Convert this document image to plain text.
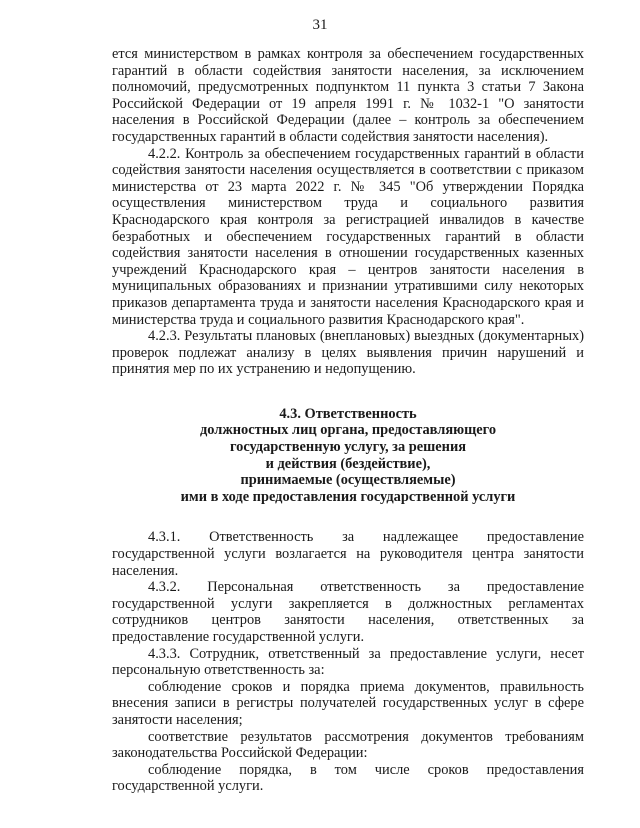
31

ется министерством в рамках контроля за обеспечением государственных гарантий в области содействия занятости населения, за исключением полномочий, предусмотренных подпунктом 11 пункта 3 статьи 7 Закона Российской Федерации от 19 апреля 1991 г. № 1032-1 "О занятости населения в Российской Федерации (далее – контроль за обеспечением государственных гарантий в области содействия занятости населения).

4.2.2. Контроль за обеспечением государственных гарантий в области содействия занятости населения осуществляется в соответствии с приказом министерства от 23 марта 2022 г. № 345 "Об утверждении Порядка осуществления министерством труда и социального развития Краснодарского края контроля за регистрацией инвалидов в качестве безработных и обеспечением государственных гарантий в области содействия занятости населения в отношении государственных казенных учреждений Краснодарского края – центров занятости населения в муниципальных образованиях и признании утратившими силу некоторых приказов департамента труда и занятости населения Краснодарского края и министерства труда и социального развития Краснодарского края".

4.2.3. Результаты плановых (внеплановых) выездных (документарных) проверок подлежат анализу в целях выявления причин нарушений и принятия мер по их устранению и недопущению.

4.3. Ответственность
должностных лиц органа, предоставляющего
государственную услугу, за решения
и действия (бездействие),
принимаемые (осуществляемые)
ими в ходе предоставления государственной услуги

4.3.1. Ответственность за надлежащее предоставление государственной услуги возлагается на руководителя центра занятости населения.

4.3.2. Персональная ответственность за предоставление государственной услуги закрепляется в должностных регламентах сотрудников центров занятости населения, ответственных за предоставление государственной услуги.

4.3.3. Сотрудник, ответственный за предоставление услуги, несет персональную ответственность за:

соблюдение сроков и порядка приема документов, правильность внесения записи в регистры получателей государственных услуг в сфере занятости населения;

соответствие результатов рассмотрения документов требованиям законодательства Российской Федерации:

соблюдение порядка, в том числе сроков предоставления государственной услуги.
